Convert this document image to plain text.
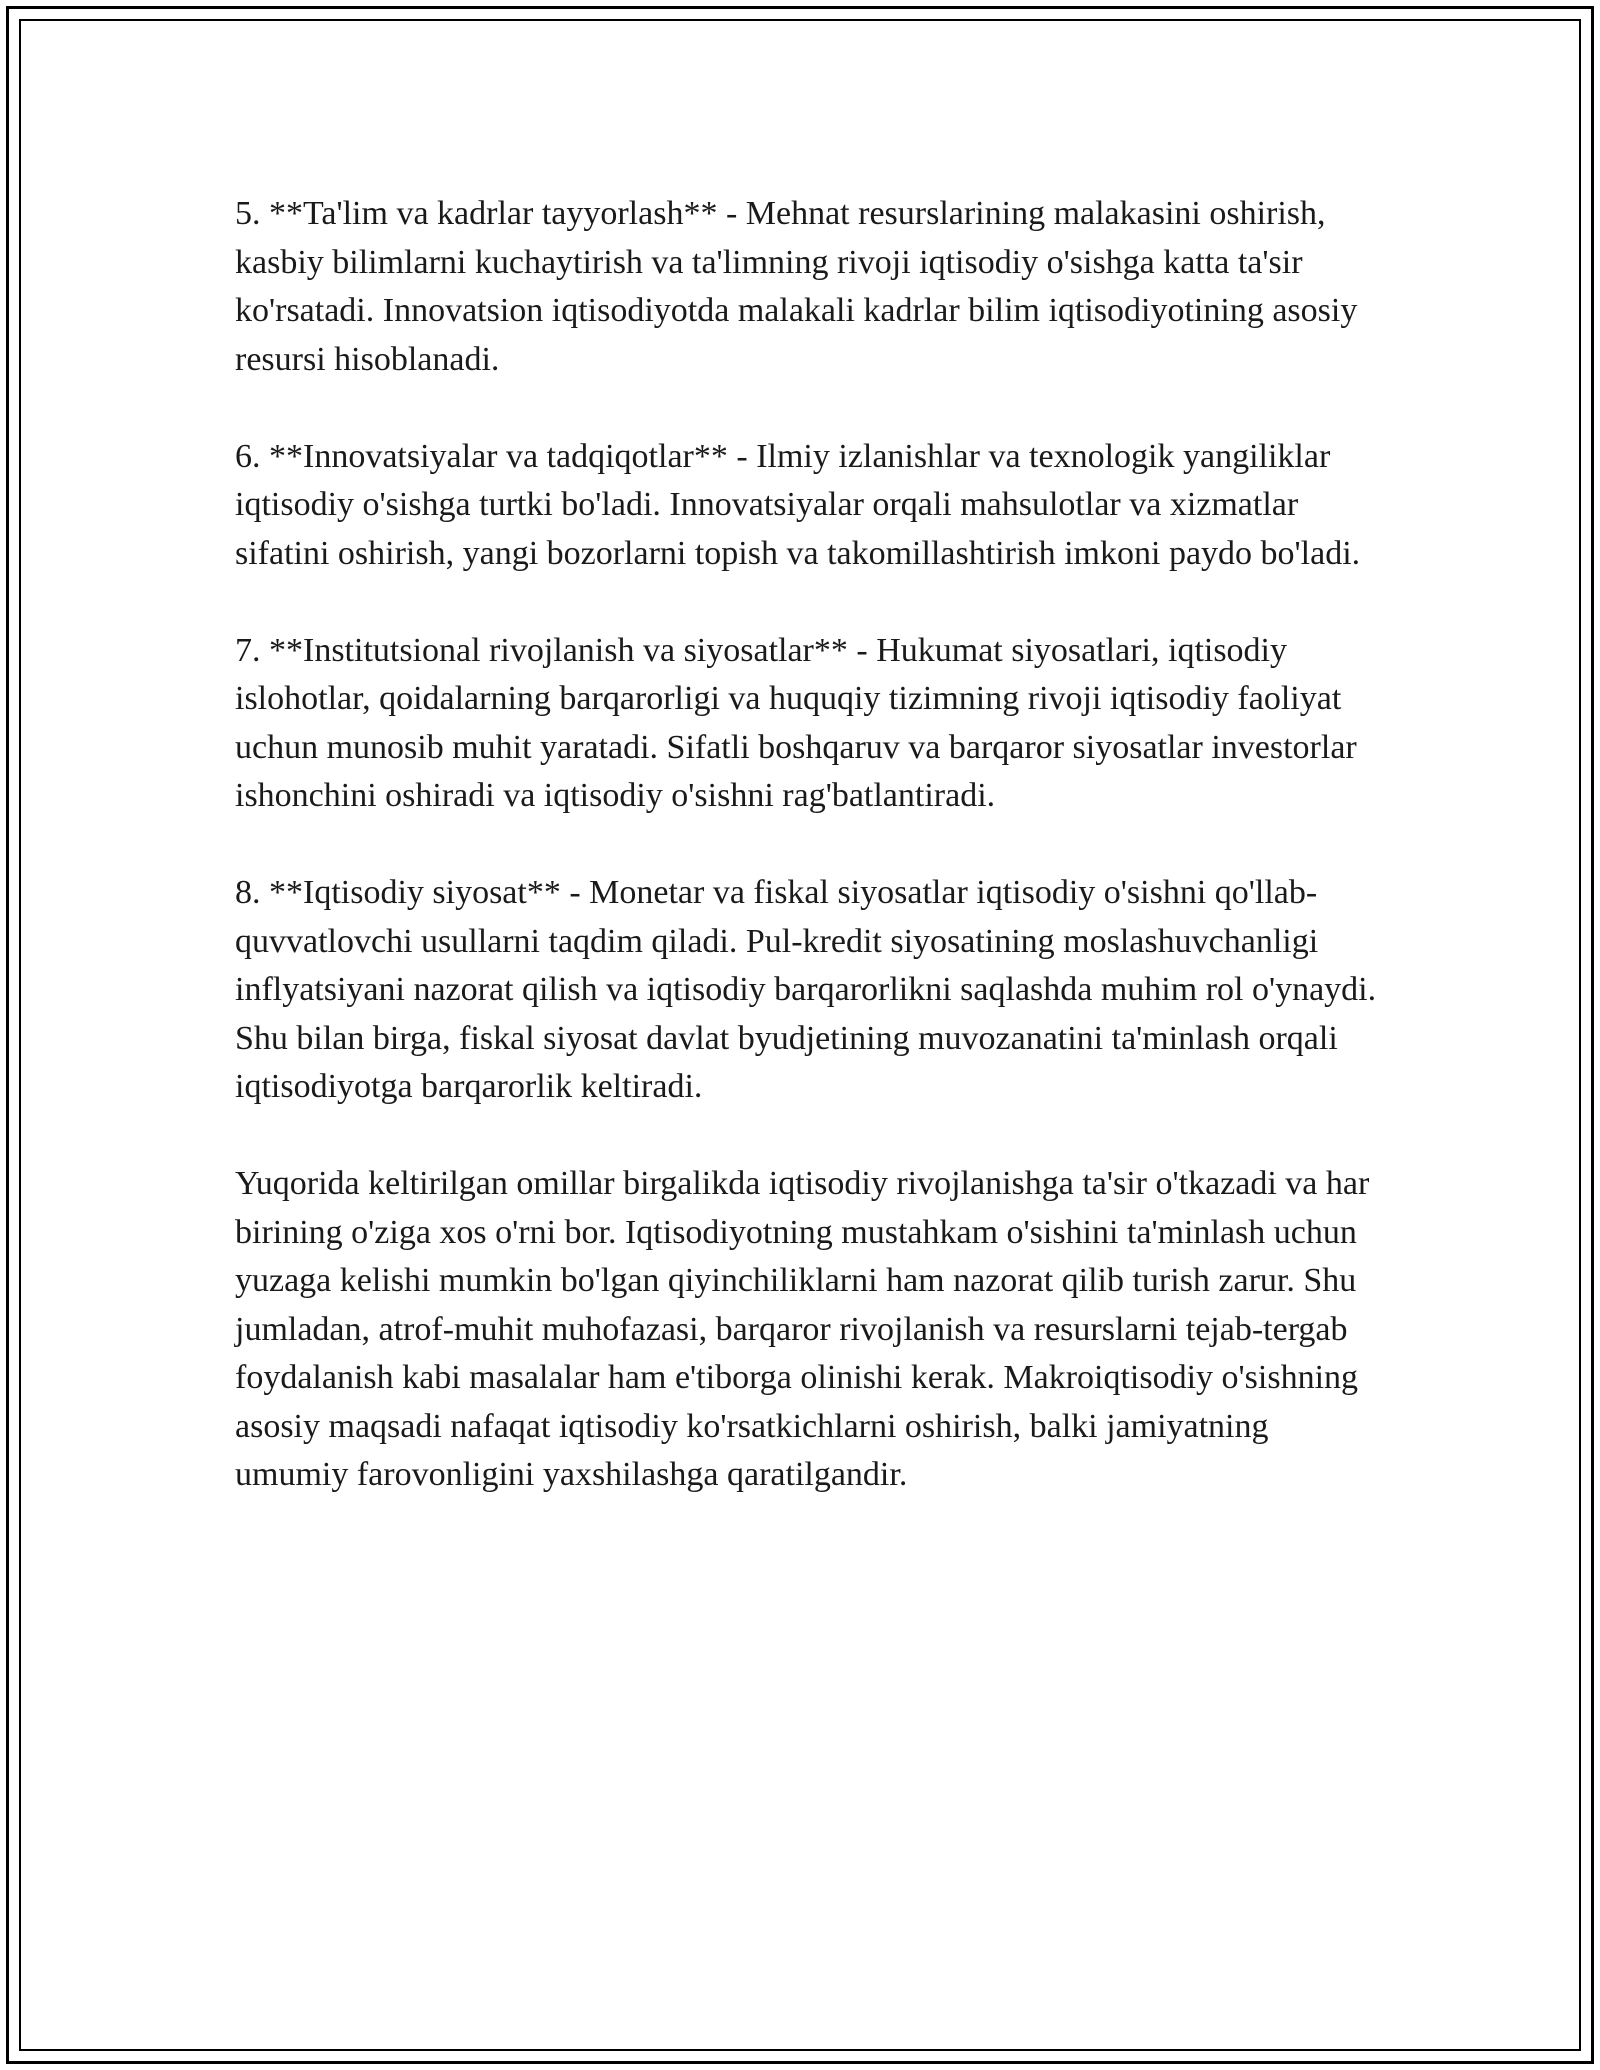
5. **Ta'lim va kadrlar tayyorlash** - Mehnat resurslarining malakasini oshirish, kasbiy bilimlarni kuchaytirish va ta'limning rivoji iqtisodiy o'sishga katta ta'sir ko'rsatadi. Innovatsion iqtisodiyotda malakali kadrlar bilim iqtisodiyotining asosiy resursi hisoblanadi.

6. **Innovatsiyalar va tadqiqotlar** - Ilmiy izlanishlar va texnologik yangiliklar iqtisodiy o'sishga turtki bo'ladi. Innovatsiyalar orqali mahsulotlar va xizmatlar sifatini oshirish, yangi bozorlarni topish va takomillashtirish imkoni paydo bo'ladi.

7. **Institutsional rivojlanish va siyosatlar** - Hukumat siyosatlari, iqtisodiy islohotlar, qoidalarning barqarorligi va huquqiy tizimning rivoji iqtisodiy faoliyat uchun munosib muhit yaratadi. Sifatli boshqaruv va barqaror siyosatlar investorlar ishonchini oshiradi va iqtisodiy o'sishni rag'batlantiradi.

8. **Iqtisodiy siyosat** - Monetar va fiskal siyosatlar iqtisodiy o'sishni qo'llab-quvvatlovchi usullarni taqdim qiladi. Pul-kredit siyosatining moslashuvchanligi inflyatsiyani nazorat qilish va iqtisodiy barqarorlikni saqlashda muhim rol o'ynaydi. Shu bilan birga, fiskal siyosat davlat byudjetining muvozanatini ta'minlash orqali iqtisodiyotga barqarorlik keltiradi.

Yuqorida keltirilgan omillar birgalikda iqtisodiy rivojlanishga ta'sir o'tkazadi va har birining o'ziga xos o'rni bor. Iqtisodiyotning mustahkam o'sishini ta'minlash uchun yuzaga kelishi mumkin bo'lgan qiyinchiliklarni ham nazorat qilib turish zarur. Shu jumladan, atrof-muhit muhofazasi, barqaror rivojlanish va resurslarni tejab-tergab foydalanish kabi masalalar ham e'tiborga olinishi kerak. Makroiqtisodiy o'sishning asosiy maqsadi nafaqat iqtisodiy ko'rsatkichlarni oshirish, balki jamiyatning umumiy farovonligini yaxshilashga qaratilgandir.
